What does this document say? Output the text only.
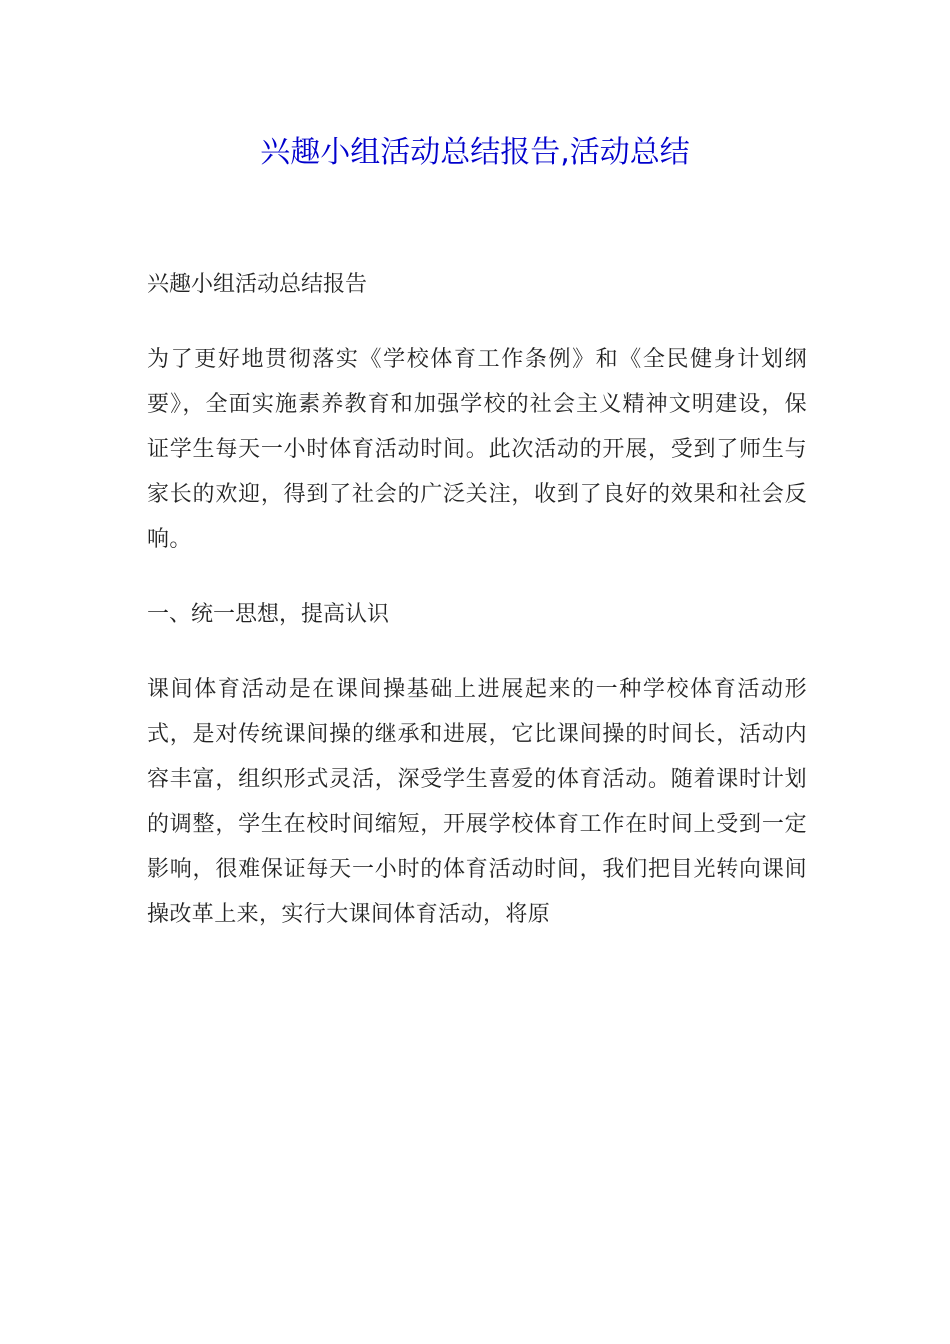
兴趣小组活动总结报告,活动总结

兴趣小组活动总结报告

为了更好地贯彻落实《学校体育工作条例》和《全民健身计划纲要》，全面实施素养教育和加强学校的社会主义精神文明建设，保证学生每天一小时体育活动时间。此次活动的开展，受到了师生与家长的欢迎，得到了社会的广泛关注，收到了良好的效果和社会反响。

一、统一思想，提高认识

课间体育活动是在课间操基础上进展起来的一种学校体育活动形式，是对传统课间操的继承和进展，它比课间操的时间长，活动内容丰富，组织形式灵活，深受学生喜爱的体育活动。随着课时计划的调整，学生在校时间缩短，开展学校体育工作在时间上受到一定影响，很难保证每天一小时的体育活动时间，我们把目光转向课间操改革上来，实行大课间体育活动，将原
